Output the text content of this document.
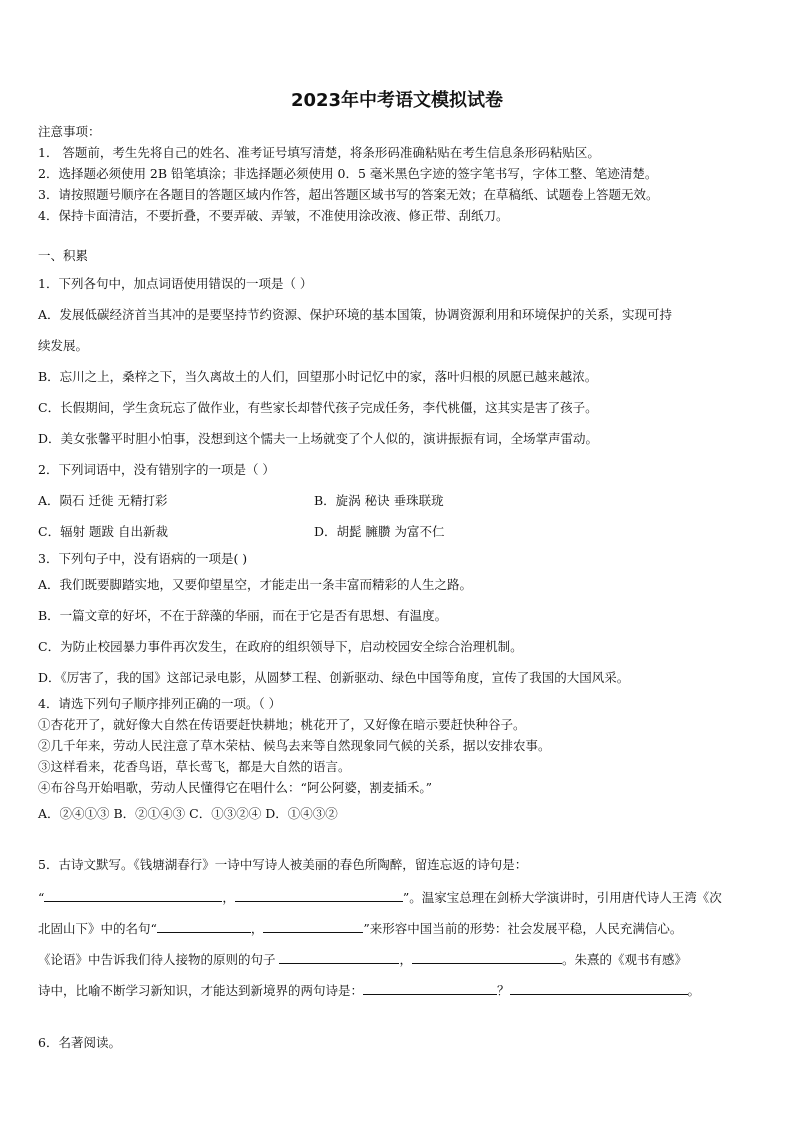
2023年中考语文模拟试卷
注意事项：
1． 答题前，考生先将自己的姓名、准考证号填写清楚，将条形码准确粘贴在考生信息条形码粘贴区。
2．选择题必须使用 2B 铅笔填涂；非选择题必须使用 0．5 毫米黑色字迹的签字笔书写，字体工整、笔迹清楚。
3．请按照题号顺序在各题目的答题区域内作答，超出答题区域书写的答案无效；在草稿纸、试题卷上答题无效。
4．保持卡面清洁，不要折叠，不要弄破、弄皱，不准使用涂改液、修正带、刮纸刀。
一、积累
1．下列各句中，加点词语使用错误的一项是（ ）
A．发展低碳经济首当其冲的是要坚持节约资源、保护环境的基本国策，协调资源利用和环境保护的关系，实现可持
续发展。
B．忘川之上，桑梓之下，当久离故土的人们，回望那小时记忆中的家，落叶归根的夙愿已越来越浓。
C．长假期间，学生贪玩忘了做作业，有些家长却替代孩子完成任务，李代桃僵，这其实是害了孩子。
D．美女张馨平时胆小怕事，没想到这个懦夫一上场就变了个人似的，演讲振振有词，全场掌声雷动。
2．下列词语中，没有错别字的一项是（ ）
A．陨石 迁徙 无精打彩	B．旋涡 秘诀 垂珠联珑
C．辐射 题跋 自出新裁	D．胡髭 臃臜 为富不仁
3．下列句子中，没有语病的一项是( )
A．我们既要脚踏实地，又要仰望星空，才能走出一条丰富而精彩的人生之路。
B．一篇文章的好坏，不在于辞藻的华丽，而在于它是否有思想、有温度。
C．为防止校园暴力事件再次发生，在政府的组织领导下，启动校园安全综合治理机制。
D．《厉害了，我的国》这部记录电影，从圆梦工程、创新驱动、绿色中国等角度，宣传了我国的大国风采。
4．请选下列句子顺序排列正确的一项。（ ）
①杏花开了，就好像大自然在传语要赶快耕地；桃花开了，又好像在暗示要赶快种谷子。
②几千年来，劳动人民注意了草木荣枯、候鸟去来等自然现象同气候的关系，据以安排农事。
③这样看来，花香鸟语，草长莺飞，都是大自然的语言。
④布谷鸟开始唱歌，劳动人民懂得它在唱什么：“阿公阿婆，割麦插禾。”
A．②④①③ B．②①④③ C．①③②④ D．①④③②
5．古诗文默写。《钱塘湖春行》一诗中写诗人被美丽的春色所陶醉，留连忘返的诗句是：
“	，	”。温家宝总理在剑桥大学演讲时，引用唐代诗人王湾《次
北固山下》中的名句“	，	”来形容中国当前的形势：社会发展平稳，人民充满信心。
《论语》中告诉我们待人接物的原则的句子	，	。朱熹的《观书有感》
诗中，比喻不断学习新知识，才能达到新境界的两句诗是：	？	。
6．名著阅读。
